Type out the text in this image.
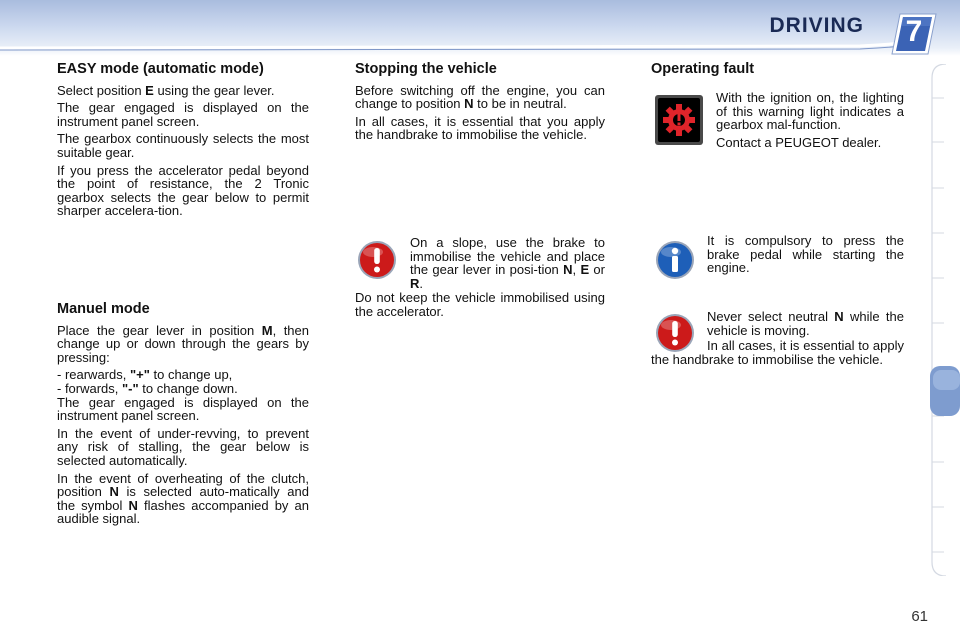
DRIVING	7
EASY mode (automatic mode)

Select position E using the gear lever.

The gear engaged is displayed on the instrument panel screen.

The gearbox continuously selects the most suitable gear.

If you press the accelerator pedal beyond the point of resistance, the 2 Tronic gearbox selects the gear below to permit sharper accelera-tion.

Manuel mode

Place the gear lever in position M, then change up or down through the gears by pressing:

- rearwards, "+" to change up,
- forwards, "-" to change down.

The gear engaged is displayed on the instrument panel screen.

In the event of under-revving, to prevent any risk of stalling, the gear below is selected automatically.

In the event of overheating of the clutch, position N is selected auto-matically and the symbol N flashes accompanied by an audible signal.

Stopping the vehicle

Before switching off the engine, you can change to position N to be in neutral.

In all cases, it is essential that you apply the handbrake to immobilise the vehicle.

On a slope, use the brake to immobilise the vehicle and place the gear lever in posi-tion N, E or R.
Do not keep the vehicle immobilised using the accelerator.
Operating fault

With the ignition on, the lighting of this warning light indicates a gearbox mal-function.

Contact a PEUGEOT dealer.

It is compulsory to press the brake pedal while starting the engine.
Never select neutral N while the vehicle is moving.
In all cases, it is essential to apply the handbrake to immobilise the vehicle.
61
